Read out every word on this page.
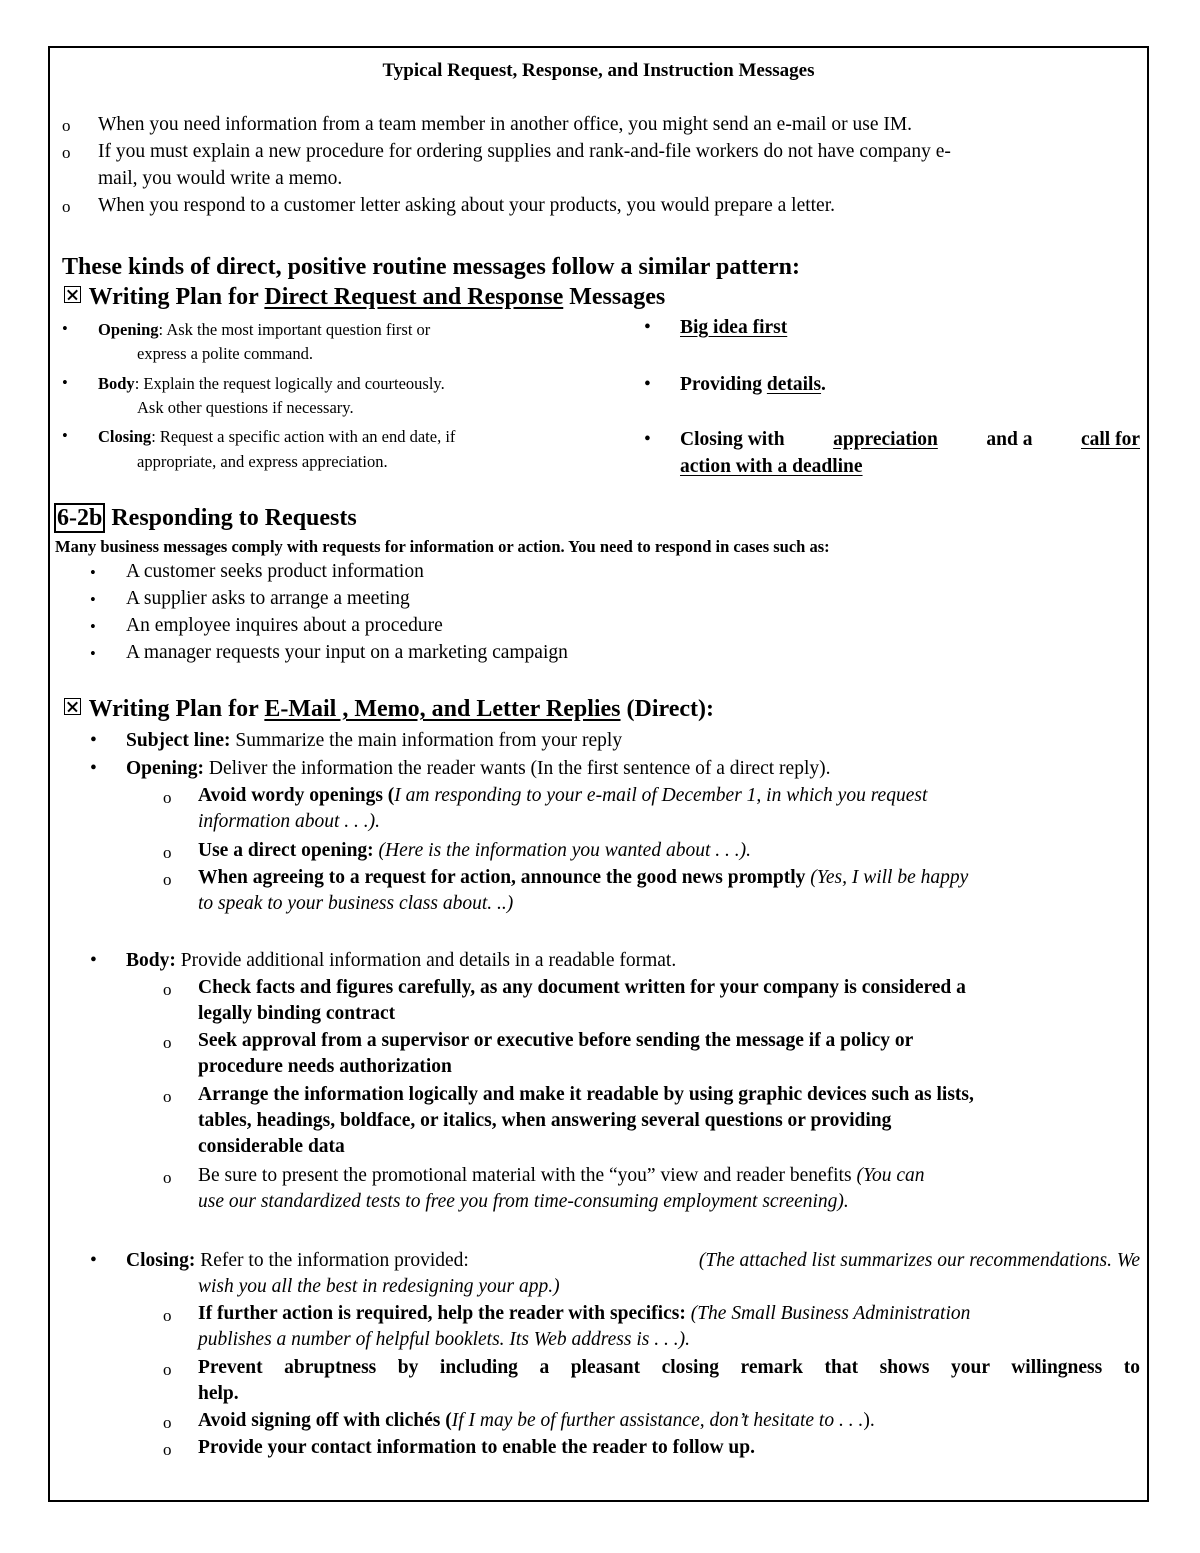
Typical Request, Response, and Instruction Messages
o When you need information from a team member in another office, you might send an e-mail or use IM.
o If you must explain a new procedure for ordering supplies and rank-and-file workers do not have company e-
mail, you would write a memo.
o When you respond to a customer letter asking about your products, you would prepare a letter.
These kinds of direct, positive routine messages follow a similar pattern:
Writing Plan for Direct Request and Response Messages
• Opening: Ask the most important question first or
express a polite command.
• Body: Explain the request logically and courteously.
Ask other questions if necessary.
• Closing: Request a specific action with an end date, if
appropriate, and express appreciation.
• Big idea first
• Providing details.
• Closing with appreciation and a call for
action with a deadline
6-2b Responding to Requests
Many business messages comply with requests for information or action. You need to respond in cases such as:
• A customer seeks product information
• A supplier asks to arrange a meeting
• An employee inquires about a procedure
• A manager requests your input on a marketing campaign
Writing Plan for E-Mail , Memo, and Letter Replies (Direct):
• Subject line: Summarize the main information from your reply
• Opening: Deliver the information the reader wants (In the first sentence of a direct reply).
o Avoid wordy openings (I am responding to your e-mail of December 1, in which you request
information about . . .).
o Use a direct opening: (Here is the information you wanted about . . .).
o When agreeing to a request for action, announce the good news promptly (Yes, I will be happy
to speak to your business class about. ..)
• Body: Provide additional information and details in a readable format.
o Check facts and figures carefully, as any document written for your company is considered a
legally binding contract
o Seek approval from a supervisor or executive before sending the message if a policy or
procedure needs authorization
o Arrange the information logically and make it readable by using graphic devices such as lists,
tables, headings, boldface, or italics, when answering several questions or providing
considerable data
o Be sure to present the promotional material with the “you” view and reader benefits (You can
use our standardized tests to free you from time-consuming employment screening).
• Closing: Refer to the information provided:	(The attached list summarizes our recommendations. We
wish you all the best in redesigning your app.)
o If further action is required, help the reader with specifics: (The Small Business Administration
publishes a number of helpful booklets. Its Web address is . . .).
o Prevent abruptness by including a pleasant closing remark that shows your willingness to
help.
o Avoid signing off with clichés (If I may be of further assistance, don’t hesitate to . . .).
o Provide your contact information to enable the reader to follow up.
